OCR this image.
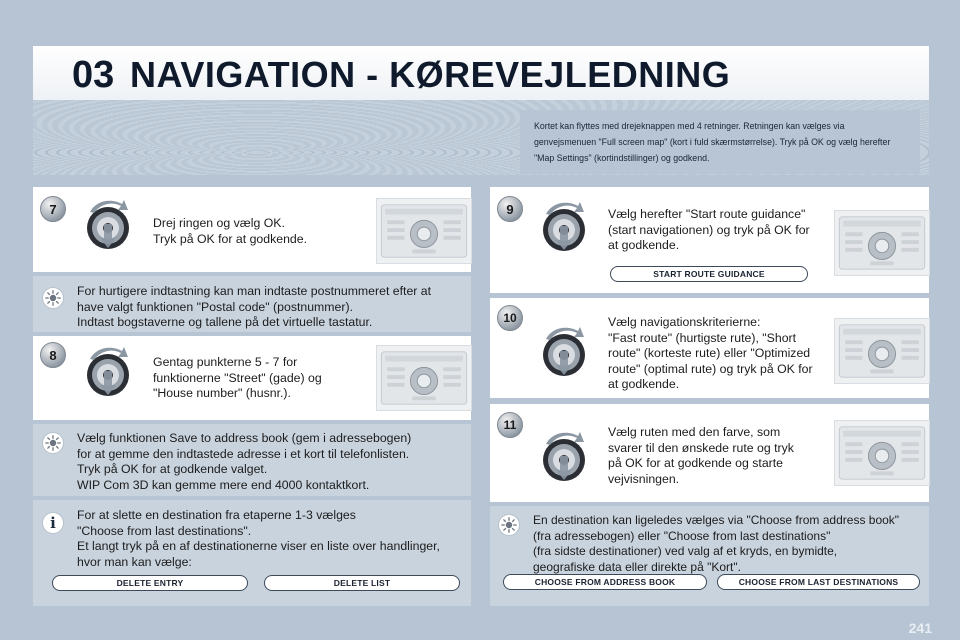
03 NAVIGATION - KØREVEJLEDNING
Kortet kan flyttes med drejeknappen med 4 retninger. Retningen kan vælges via genvejsmenuen "Full screen map" (kort i fuld skærmstørrelse). Tryk på OK og vælg herefter "Map Settings" (kortindstillinger) og godkend.
7
Drej ringen og vælg OK.
Tryk på OK for at godkende.
For hurtigere indtastning kan man indtaste postnummeret efter at
have valgt funktionen "Postal code" (postnummer).
Indtast bogstaverne og tallene på det virtuelle tastatur.
8	Gentag punkterne 5 - 7 for
funktionerne "Street" (gade) og
"House number" (husnr.).
Vælg funktionen Save to address book (gem i adressebogen)
for at gemme den indtastede adresse i et kort til telefonlisten.
Tryk på OK for at godkende valget.
WIP Com 3D kan gemme mere end 4000 kontaktkort.
i	For at slette en destination fra etaperne 1-3 vælges
"Choose from last destinations".
Et langt tryk på en af destinationerne viser en liste over handlinger,
hvor man kan vælge:
DELETE ENTRY	DELETE LIST
9	Vælg herefter "Start route guidance"
(start navigationen) og tryk på OK for
at godkende.
START ROUTE GUIDANCE
10	Vælg navigationskriterierne:
"Fast route" (hurtigste rute), "Short
route" (korteste rute) eller "Optimized
route" (optimal rute) og tryk på OK for
at godkende.
11	Vælg ruten med den farve, som
svarer til den ønskede rute og tryk
på OK for at godkende og starte
vejvisningen.
En destination kan ligeledes vælges via "Choose from address book"
(fra adressebogen) eller "Choose from last destinations"
(fra sidste destinationer) ved valg af et kryds, en bymidte,
geografiske data eller direkte på "Kort".
CHOOSE FROM ADDRESS BOOK	CHOOSE FROM LAST DESTINATIONS
241
